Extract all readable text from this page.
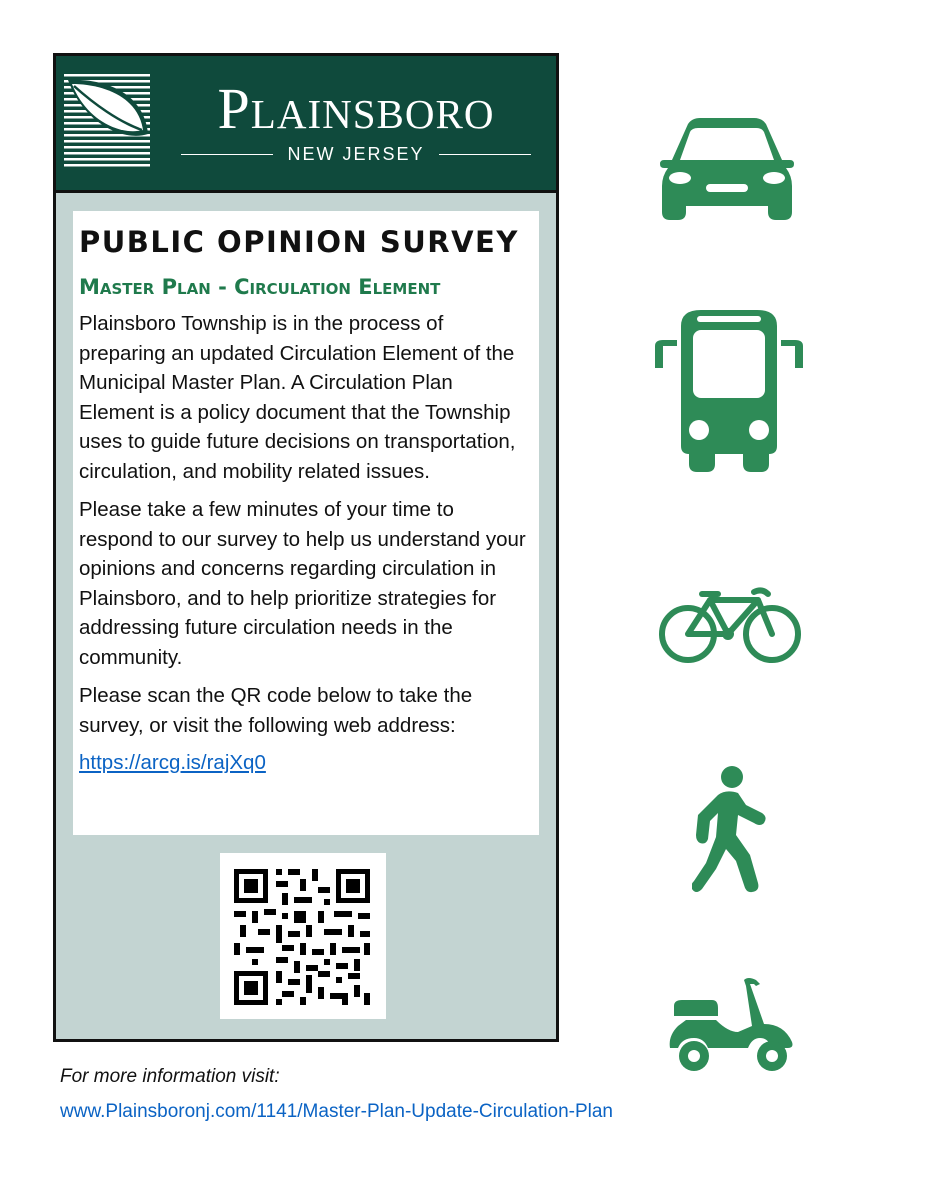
Plainsboro
NEW JERSEY
PUBLIC OPINION SURVEY
Master Plan - Circulation Element

Plainsboro Township is in the process of preparing an updated Circulation Element of the Municipal Master Plan. A Circulation Plan Element is a policy document that the Township uses to guide future decisions on transportation, circulation, and mobility related issues.

Please take a few minutes of your time to respond to our survey to help us understand your opinions and concerns regarding circulation in Plainsboro, and to help prioritize strategies for addressing future circulation needs in the community.

Please scan the QR code below to take the survey, or visit the following web address:

https://arcg.is/rajXq0
For more information visit:
www.Plainsboronj.com/1141/Master-Plan-Update-Circulation-Plan
